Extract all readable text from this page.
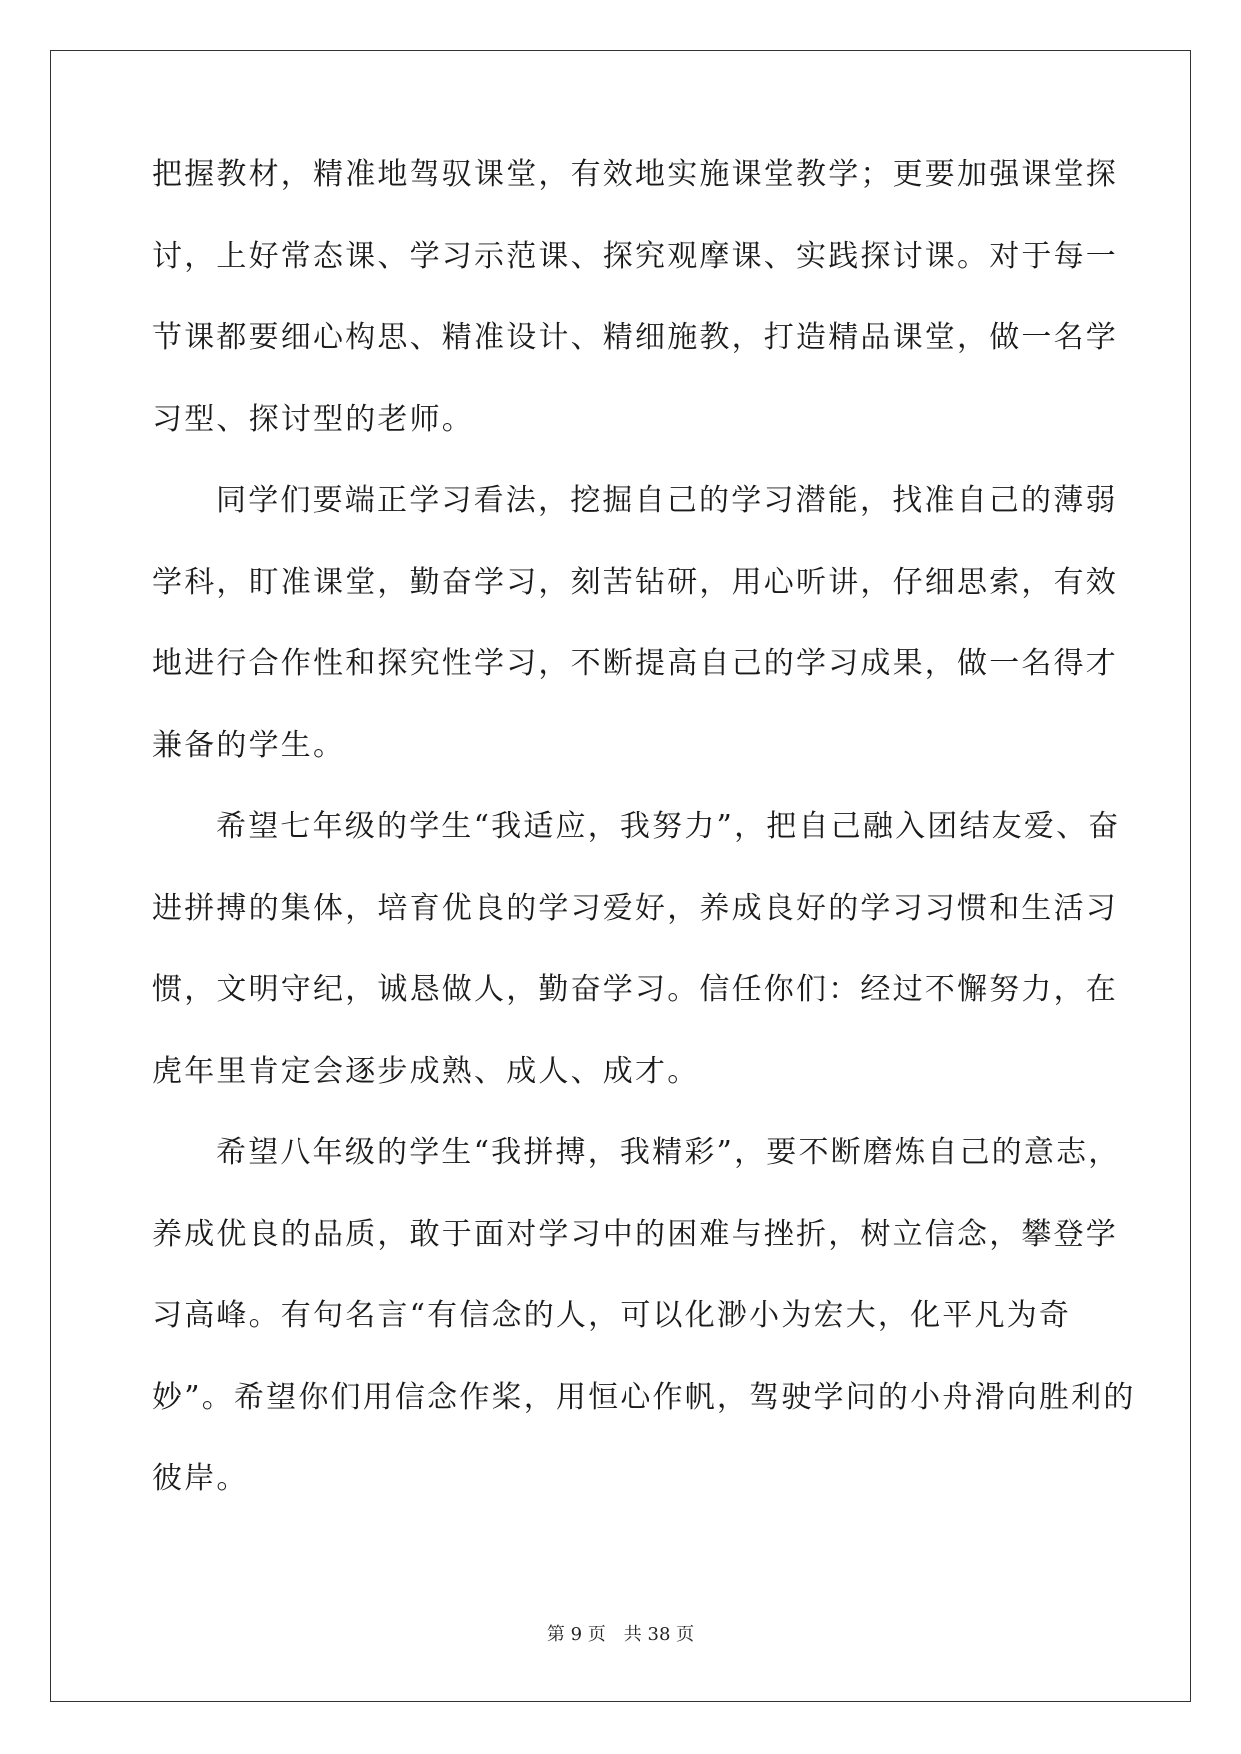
把握教材，精准地驾驭课堂，有效地实施课堂教学；更要加强课堂探
讨，上好常态课、学习示范课、探究观摩课、实践探讨课。对于每一
节课都要细心构思、精准设计、精细施教，打造精品课堂，做一名学
习型、探讨型的老师。
同学们要端正学习看法，挖掘自己的学习潜能，找准自己的薄弱
学科，盯准课堂，勤奋学习，刻苦钻研，用心听讲，仔细思索，有效
地进行合作性和探究性学习，不断提高自己的学习成果，做一名得才
兼备的学生。
希望七年级的学生“我适应，我努力”，把自己融入团结友爱、奋
进拼搏的集体，培育优良的学习爱好，养成良好的学习习惯和生活习
惯，文明守纪，诚恳做人，勤奋学习。信任你们：经过不懈努力，在
虎年里肯定会逐步成熟、成人、成才。
希望八年级的学生“我拼搏，我精彩”，要不断磨炼自己的意志，
养成优良的品质，敢于面对学习中的困难与挫折，树立信念，攀登学
习高峰。有句名言“有信念的人，可以化渺小为宏大，化平凡为奇
妙”。希望你们用信念作桨，用恒心作帆，驾驶学问的小舟滑向胜利的
彼岸。
第 9 页 共 38 页
